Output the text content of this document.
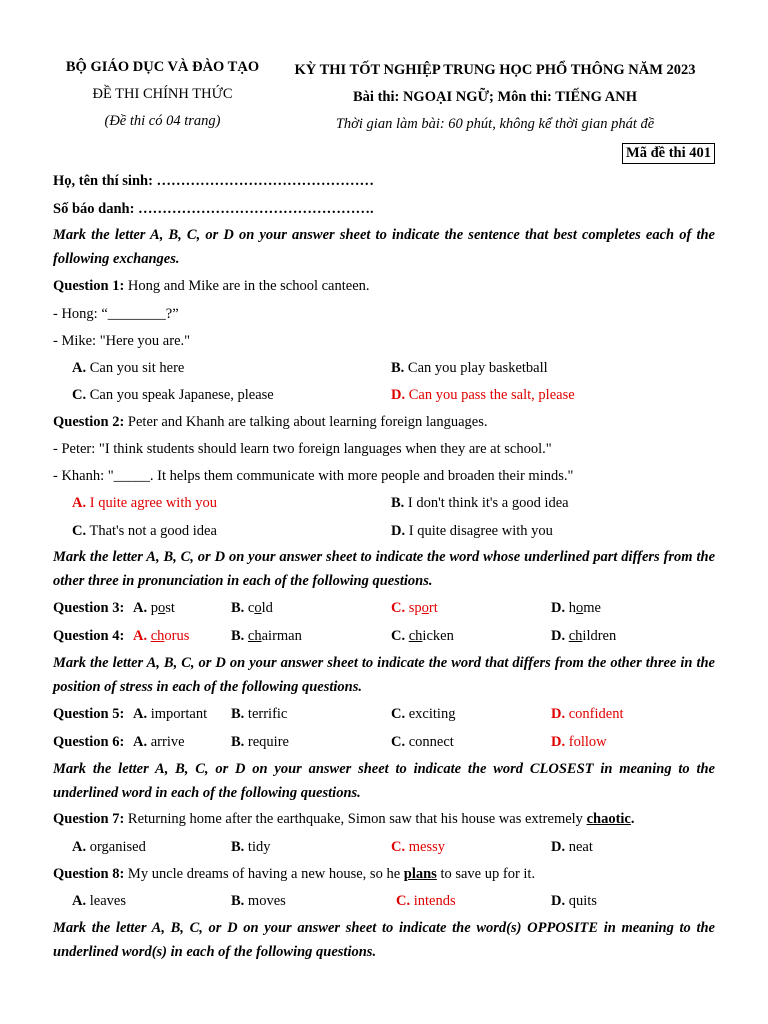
BỘ GIÁO DỤC VÀ ĐÀO TẠO
ĐỀ THI CHÍNH THỨC
(Đề thi có 04 trang)
KỲ THI TỐT NGHIỆP TRUNG HỌC PHỔ THÔNG NĂM 2023
Bài thi: NGOẠI NGỮ; Môn thi: TIẾNG ANH
Thời gian làm bài: 60 phút, không kể thời gian phát đề
Mã đề thi 401
Họ, tên thí sinh: ………………………………………
Số báo danh: ………………………………………….
Mark the letter A, B, C, or D on your answer sheet to indicate the sentence that best completes each of the following exchanges.
Question 1: Hong and Mike are in the school canteen.
- Hong: “________?”
- Mike: "Here you are."
A. Can you sit here	B. Can you play basketball
C. Can you speak Japanese, please	D. Can you pass the salt, please
Question 2: Peter and Khanh are talking about learning foreign languages.
- Peter: "I think students should learn two foreign languages when they are at school."
- Khanh: "_____. It helps them communicate with more people and broaden their minds."
A. I quite agree with you	B. I don't think it's a good idea
C. That's not a good idea	D. I quite disagree with you
Mark the letter A, B, C, or D on your answer sheet to indicate the word whose underlined part differs from the other three in pronunciation in each of the following questions.
Question 3: A. post	B. cold	C. sport	D. home
Question 4: A. chorus	B. chairman	C. chicken	D. children
Mark the letter A, B, C, or D on your answer sheet to indicate the word that differs from the other three in the position of stress in each of the following questions.
Question 5: A. important B. terrific	C. exciting	D. confident
Question 6: A. arrive	B. require	C. connect	D. follow
Mark the letter A, B, C, or D on your answer sheet to indicate the word CLOSEST in meaning to the underlined word in each of the following questions.
Question 7: Returning home after the earthquake, Simon saw that his house was extremely chaotic.
A. organised	B. tidy	C. messy	D. neat
Question 8: My uncle dreams of having a new house, so he plans to save up for it.
A. leaves	B. moves	C. intends	D. quits
Mark the letter A, B, C, or D on your answer sheet to indicate the word(s) OPPOSITE in meaning to the underlined word(s) in each of the following questions.
